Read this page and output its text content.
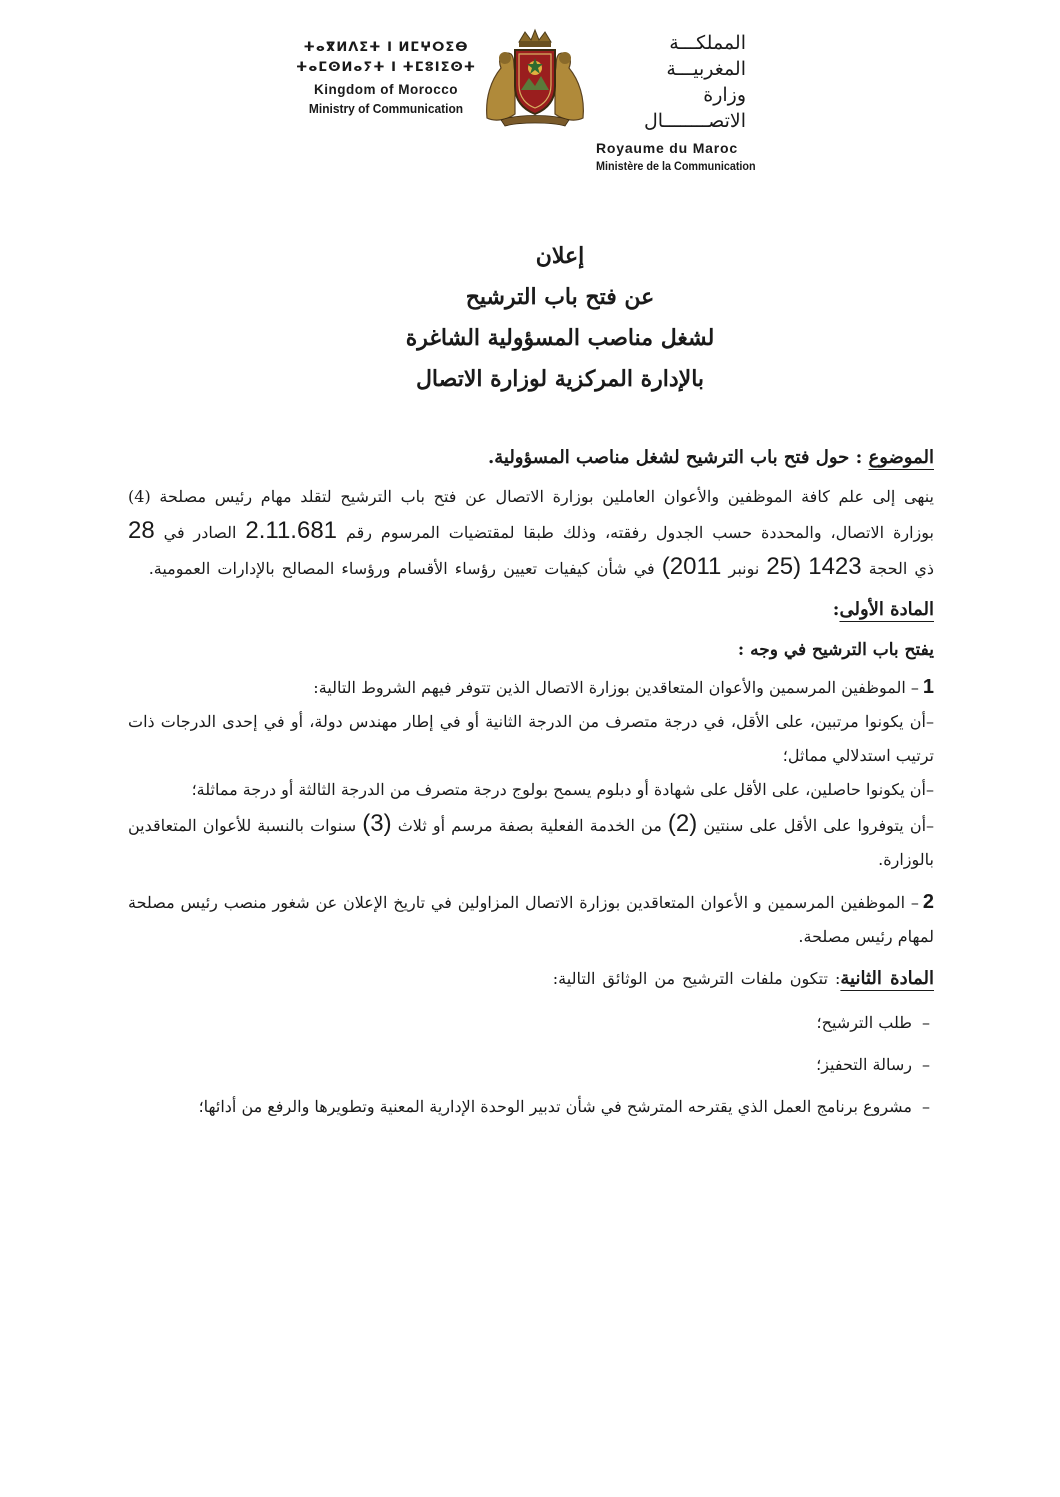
ⵜⴰⴳⵍⴷⵉⵜ ⵏ ⵍⵎⵖⵔⵉⴱ
ⵜⴰⵎⵙⵍⴰⵢⵜ ⵏ ⵜⵎⵓⵏⵉⵙⵜ
Kingdom of Morocco
Ministry of Communication
المملكـــة المغربيـــة
وزارة الاتصــــــــال
Royaume du Maroc
Ministère de la Communication
إعلان
عن فتح باب الترشيح
لشغل مناصب المسؤولية الشاغرة
بالإدارة المركزية لوزارة الاتصال
الموضوع : حول فتح باب الترشيح لشغل مناصب المسؤولية.
ينهى إلى علم كافة الموظفين والأعوان العاملين بوزارة الاتصال عن فتح باب الترشيح لتقلد مهام رئيس مصلحة (4) بوزارة الاتصال، والمحددة حسب الجدول رفقته، وذلك طبقا لمقتضيات المرسوم رقم 2.11.681 الصادر في 28 ذي الحجة 1423 (25 نونبر 2011) في شأن كيفيات تعيين رؤساء الأقسام ورؤساء المصالح بالإدارات العمومية.
المادة الأولى:
يفتح باب الترشيح في وجه :
1– الموظفين المرسمين والأعوان المتعاقدين بوزارة الاتصال الذين تتوفر فيهم الشروط التالية:
–أن يكونوا مرتبين، على الأقل، في درجة متصرف من الدرجة الثانية أو في إطار مهندس دولة، أو في إحدى الدرجات ذات ترتيب استدلالي مماثل؛
–أن يكونوا حاصلين، على الأقل على شهادة أو دبلوم يسمح بولوج درجة متصرف من الدرجة الثالثة أو درجة مماثلة؛
–أن يتوفروا على الأقل على سنتين (2) من الخدمة الفعلية بصفة مرسم أو ثلاث (3) سنوات بالنسبة للأعوان المتعاقدين بالوزارة.
2– الموظفين المرسمين و الأعوان المتعاقدين بوزارة الاتصال المزاولين في تاريخ الإعلان عن شغور منصب رئيس مصلحة لمهام رئيس مصلحة.
المادة الثانية: تتكون ملفات الترشيح من الوثائق التالية:
–طلب الترشيح؛
–رسالة التحفيز؛
–مشروع برنامج العمل الذي يقترحه المترشح في شأن تدبير الوحدة الإدارية المعنية وتطويرها والرفع من أدائها؛
